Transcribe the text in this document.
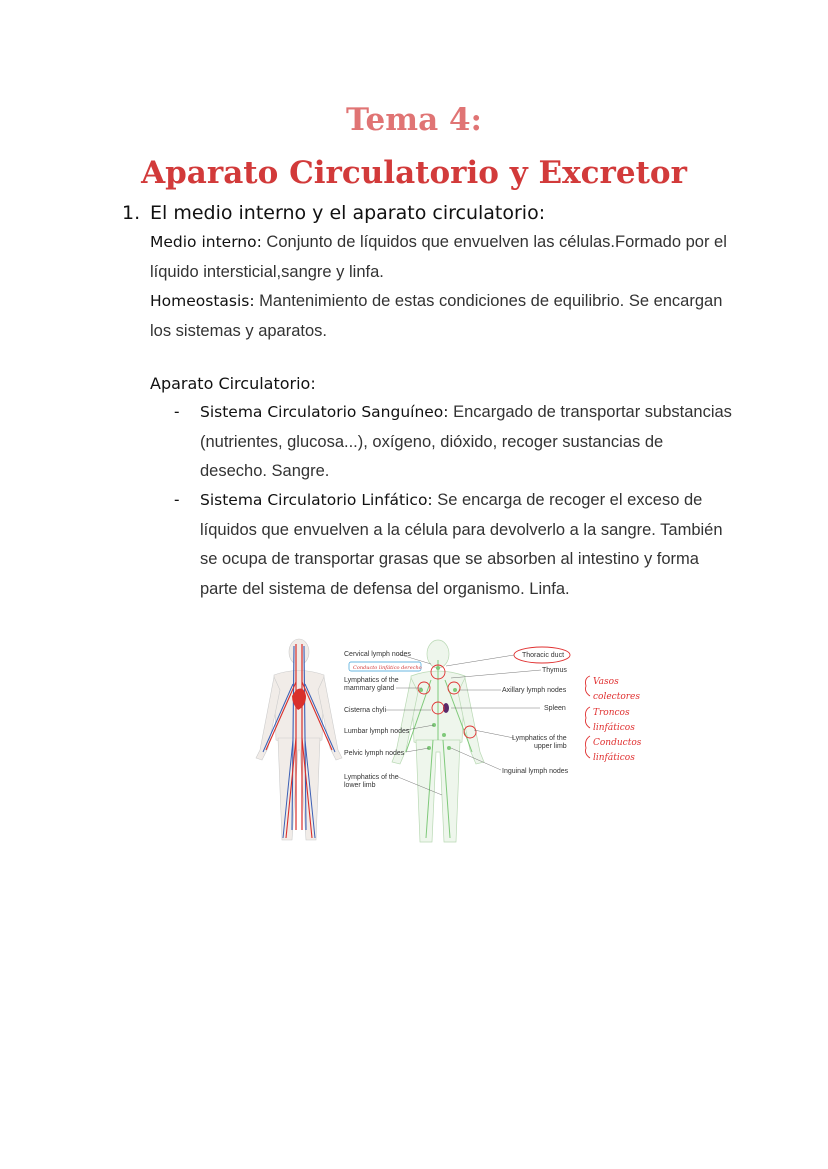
Tema 4:
Aparato Circulatorio y Excretor
1. El medio interno y el aparato circulatorio:
Medio interno: Conjunto de líquidos que envuelven las células.Formado por el líquido intersticial,sangre y linfa.
Homeostasis: Mantenimiento de estas condiciones de equilibrio. Se encargan los sistemas y aparatos.
Aparato Circulatorio:
-	Sistema Circulatorio Sanguíneo: Encargado de transportar substancias (nutrientes, glucosa...), oxígeno, dióxido, recoger sustancias de desecho. Sangre.
-	Sistema Circulatorio Linfático: Se encarga de recoger el exceso de líquidos que envuelven a la célula para devolverlo a la sangre. También se ocupa de transportar grasas que se absorben al intestino y forma parte del sistema de defensa del organismo. Linfa.
Cervical lymph nodes
Conducto linfático derecho
Lymphatics of the
mammary gland
Cisterna chyli
Lumbar lymph nodes
Pelvic lymph nodes
Lymphatics of the
lower limb
Thoracic duct
Thymus
Axillary lymph nodes
Spleen
Lymphatics of the
upper limb
Inguinal lymph nodes
Vasos
colectores
Troncos
linfáticos
Conductos
linfáticos
